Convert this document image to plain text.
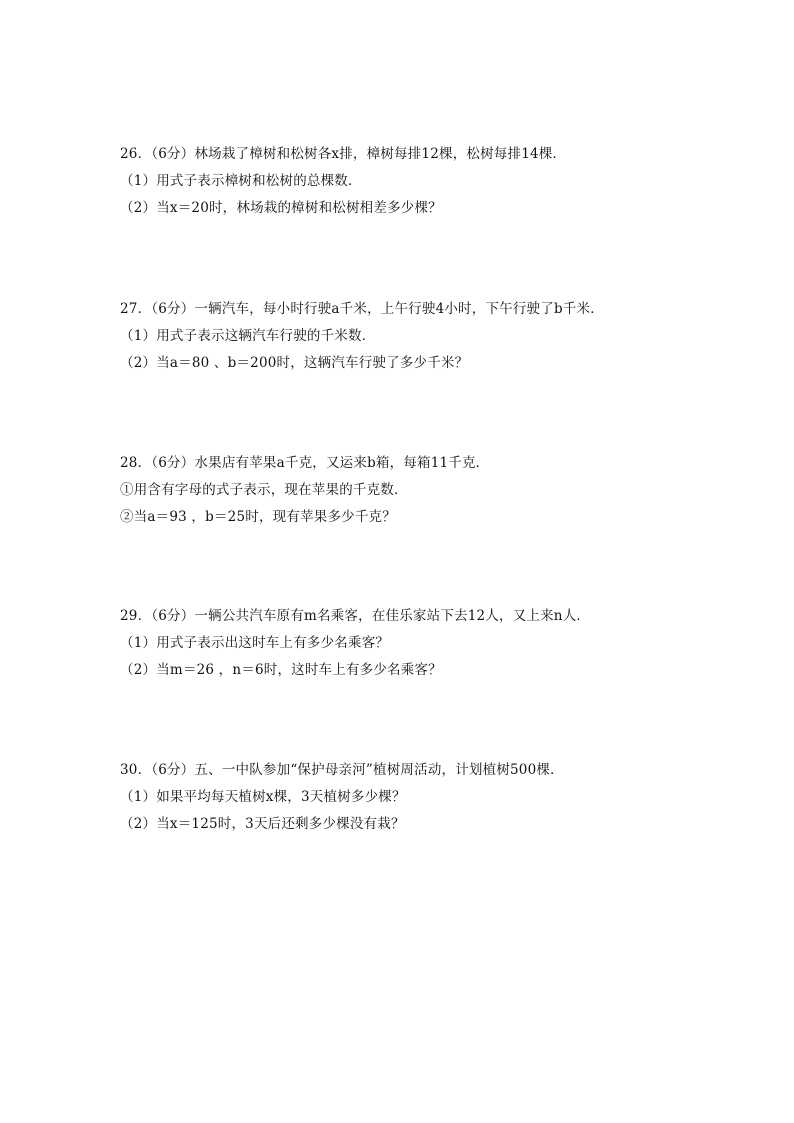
26．（6分）林场栽了樟树和松树各x排，樟树每排12棵，松树每排14棵．
（1）用式子表示樟树和松树的总棵数．
（2）当x＝20时，林场栽的樟树和松树相差多少棵？
27．（6分）一辆汽车，每小时行驶a千米，上午行驶4小时，下午行驶了b千米．
（1）用式子表示这辆汽车行驶的千米数．
（2）当a＝80 、b＝200时，这辆汽车行驶了多少千米？
28．（6分）水果店有苹果a千克，又运来b箱，每箱11千克．
①用含有字母的式子表示，现在苹果的千克数．
②当a＝93 ，b＝25时，现有苹果多少千克？
29．（6分）一辆公共汽车原有m名乘客，在佳乐家站下去12人，又上来n人．
（1）用式子表示出这时车上有多少名乘客？
（2）当m＝26 ，n＝6时，这时车上有多少名乘客？
30．（6分）五、一中队参加“保护母亲河”植树周活动，计划植树500棵．
（1）如果平均每天植树x棵，3天植树多少棵？
（2）当x＝125时，3天后还剩多少棵没有栽？
